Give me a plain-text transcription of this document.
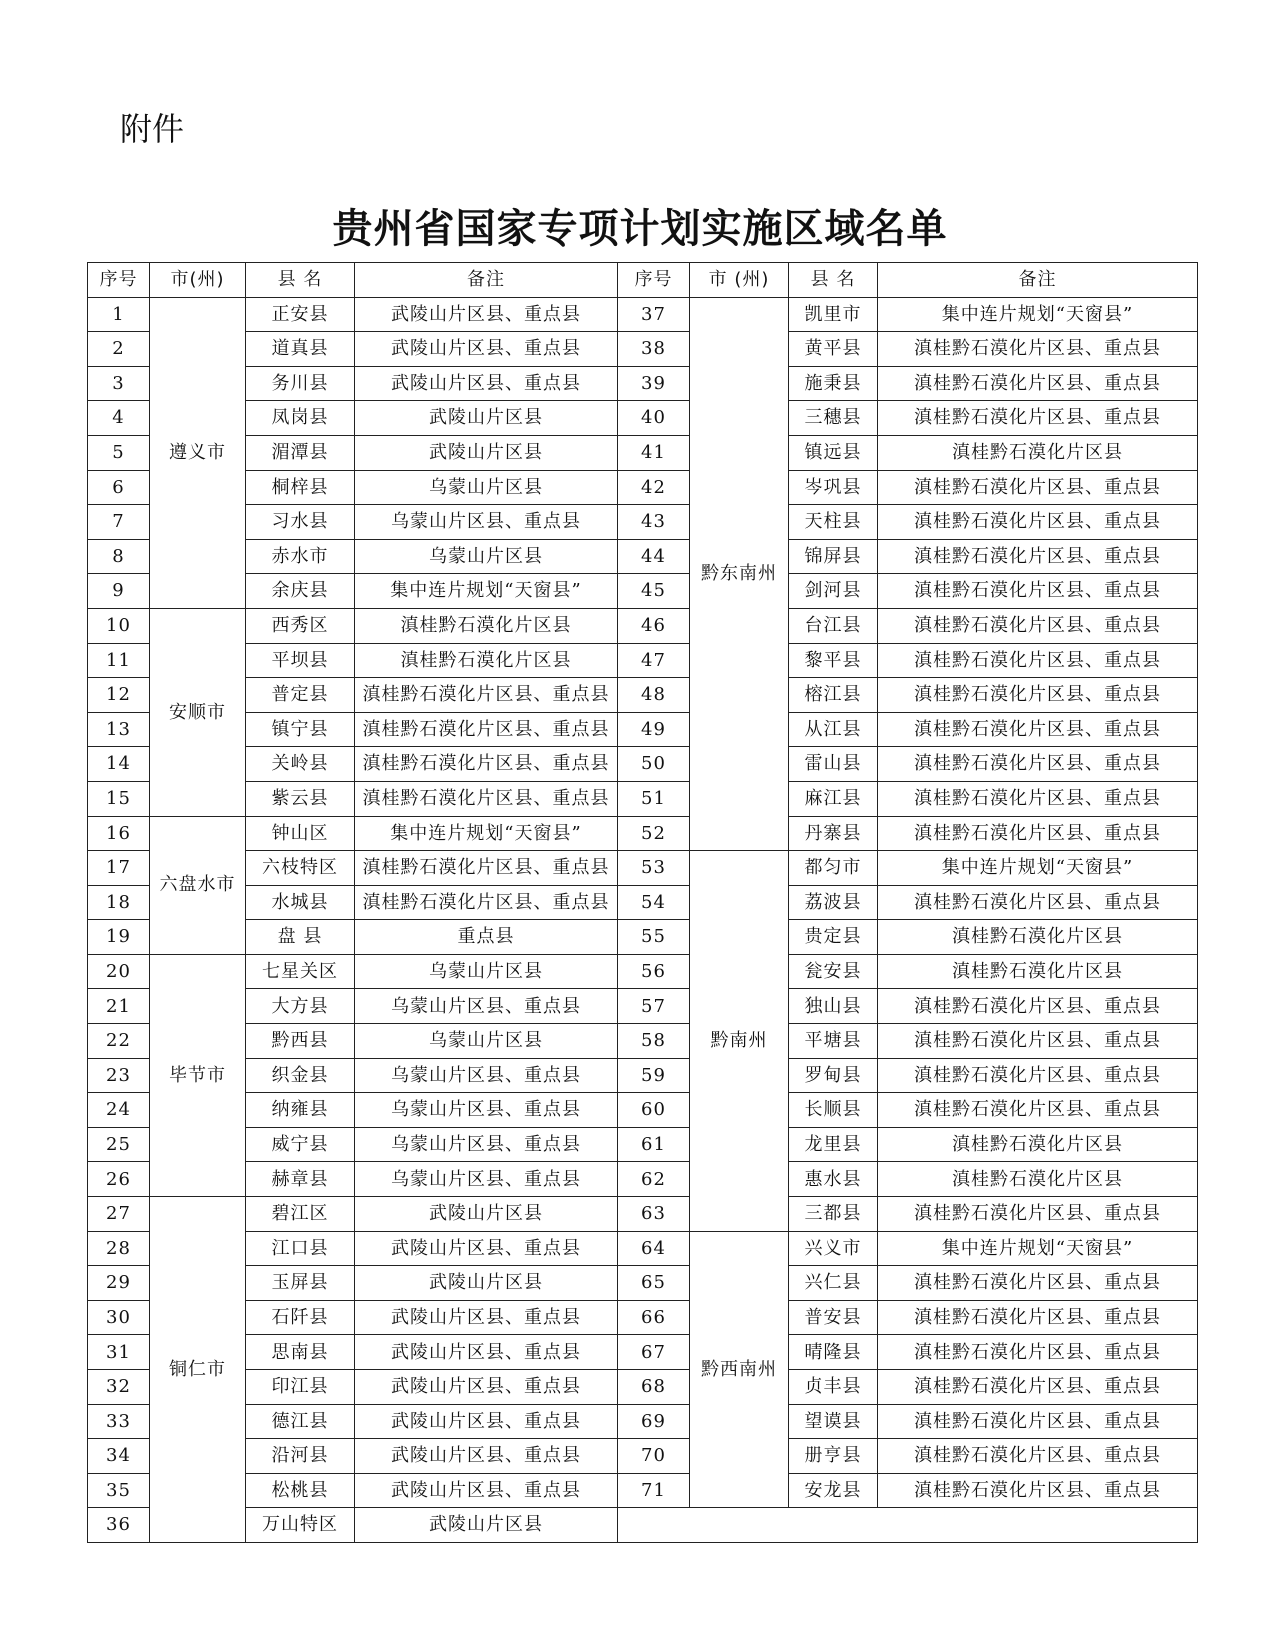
附件
贵州省国家专项计划实施区域名单
序号	市(州)	县 名	备注	序号	市 (州)	县 名	备注
1	遵义市	正安县	武陵山片区县、重点县	37	黔东南州	凯里市	集中连片规划“天窗县”
2		道真县	武陵山片区县、重点县	38		黄平县	滇桂黔石漠化片区县、重点县
3		务川县	武陵山片区县、重点县	39		施秉县	滇桂黔石漠化片区县、重点县
4		凤岗县	武陵山片区县	40		三穗县	滇桂黔石漠化片区县、重点县
5		湄潭县	武陵山片区县	41		镇远县	滇桂黔石漠化片区县
6		桐梓县	乌蒙山片区县	42		岑巩县	滇桂黔石漠化片区县、重点县
7		习水县	乌蒙山片区县、重点县	43		天柱县	滇桂黔石漠化片区县、重点县
8		赤水市	乌蒙山片区县	44		锦屏县	滇桂黔石漠化片区县、重点县
9		余庆县	集中连片规划“天窗县”	45		剑河县	滇桂黔石漠化片区县、重点县
10	安顺市	西秀区	滇桂黔石漠化片区县	46		台江县	滇桂黔石漠化片区县、重点县
11		平坝县	滇桂黔石漠化片区县	47		黎平县	滇桂黔石漠化片区县、重点县
12		普定县	滇桂黔石漠化片区县、重点县	48		榕江县	滇桂黔石漠化片区县、重点县
13		镇宁县	滇桂黔石漠化片区县、重点县	49		从江县	滇桂黔石漠化片区县、重点县
14		关岭县	滇桂黔石漠化片区县、重点县	50		雷山县	滇桂黔石漠化片区县、重点县
15		紫云县	滇桂黔石漠化片区县、重点县	51		麻江县	滇桂黔石漠化片区县、重点县
16	六盘水市	钟山区	集中连片规划“天窗县”	52		丹寨县	滇桂黔石漠化片区县、重点县
17		六枝特区	滇桂黔石漠化片区县、重点县	53	黔南州	都匀市	集中连片规划“天窗县”
18		水城县	滇桂黔石漠化片区县、重点县	54		荔波县	滇桂黔石漠化片区县、重点县
19		盘 县	重点县	55		贵定县	滇桂黔石漠化片区县
20	毕节市	七星关区	乌蒙山片区县	56		瓮安县	滇桂黔石漠化片区县
21		大方县	乌蒙山片区县、重点县	57		独山县	滇桂黔石漠化片区县、重点县
22		黔西县	乌蒙山片区县	58		平塘县	滇桂黔石漠化片区县、重点县
23		织金县	乌蒙山片区县、重点县	59		罗甸县	滇桂黔石漠化片区县、重点县
24		纳雍县	乌蒙山片区县、重点县	60		长顺县	滇桂黔石漠化片区县、重点县
25		威宁县	乌蒙山片区县、重点县	61		龙里县	滇桂黔石漠化片区县
26		赫章县	乌蒙山片区县、重点县	62		惠水县	滇桂黔石漠化片区县
27	铜仁市	碧江区	武陵山片区县	63		三都县	滇桂黔石漠化片区县、重点县
28		江口县	武陵山片区县、重点县	64	黔西南州	兴义市	集中连片规划“天窗县”
29		玉屏县	武陵山片区县	65		兴仁县	滇桂黔石漠化片区县、重点县
30		石阡县	武陵山片区县、重点县	66		普安县	滇桂黔石漠化片区县、重点县
31		思南县	武陵山片区县、重点县	67		晴隆县	滇桂黔石漠化片区县、重点县
32		印江县	武陵山片区县、重点县	68		贞丰县	滇桂黔石漠化片区县、重点县
33		德江县	武陵山片区县、重点县	69		望谟县	滇桂黔石漠化片区县、重点县
34		沿河县	武陵山片区县、重点县	70		册亨县	滇桂黔石漠化片区县、重点县
35		松桃县	武陵山片区县、重点县	71		安龙县	滇桂黔石漠化片区县、重点县
36		万山特区	武陵山片区县				
